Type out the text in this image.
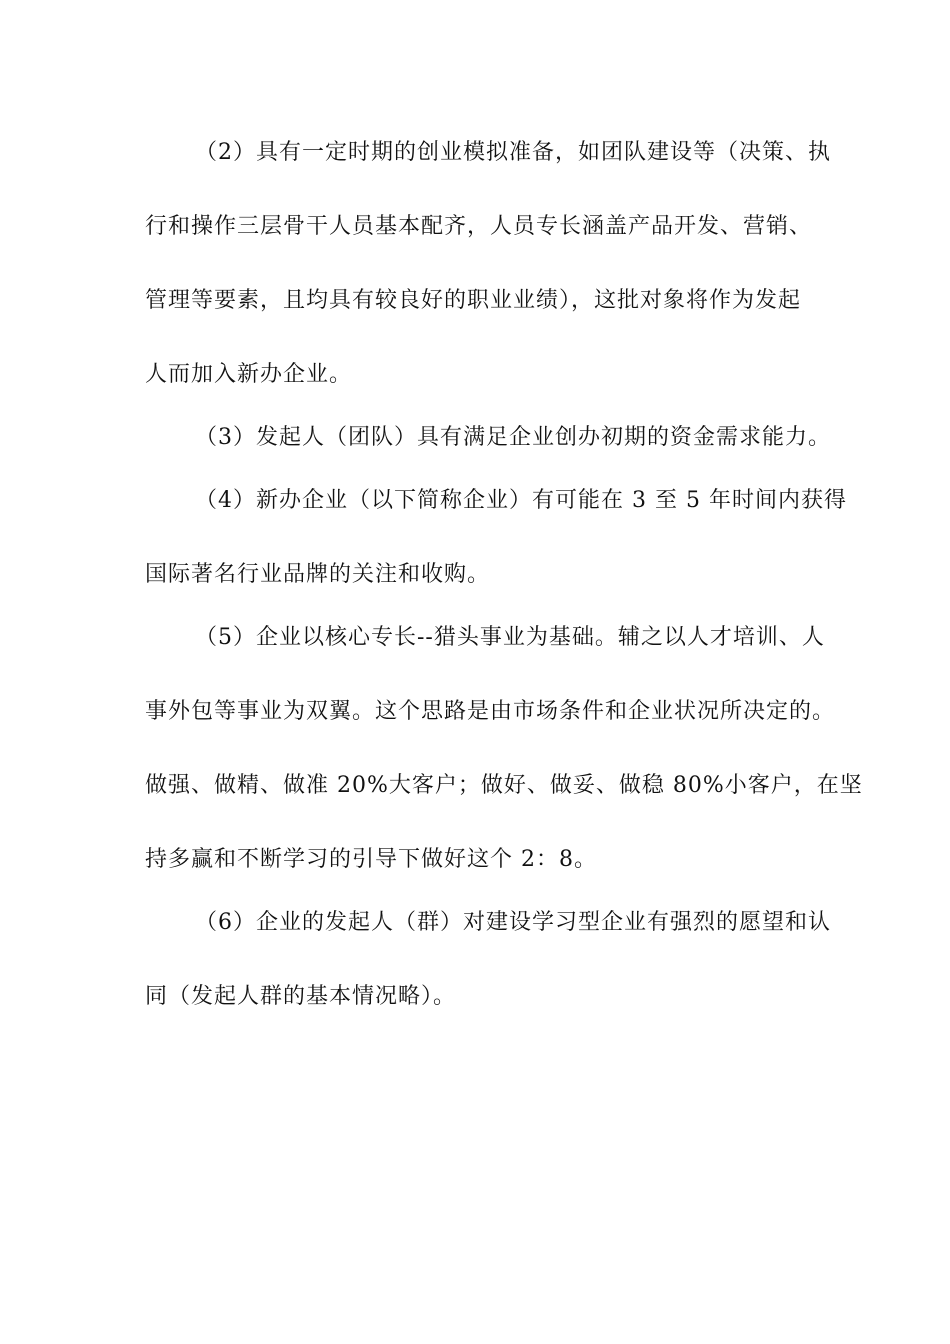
（2）具有一定时期的创业模拟准备，如团队建设等（决策、执
行和操作三层骨干人员基本配齐，人员专长涵盖产品开发、营销、
管理等要素，且均具有较良好的职业业绩），这批对象将作为发起
人而加入新办企业。
（3）发起人（团队）具有满足企业创办初期的资金需求能力。
（4）新办企业（以下简称企业）有可能在 3 至 5 年时间内获得
国际著名行业品牌的关注和收购。
（5）企业以核心专长--猎头事业为基础。辅之以人才培训、人
事外包等事业为双翼。这个思路是由市场条件和企业状况所决定的。
做强、做精、做准 20%大客户；做好、做妥、做稳 80%小客户，在坚
持多赢和不断学习的引导下做好这个 2：8。
（6）企业的发起人（群）对建设学习型企业有强烈的愿望和认
同（发起人群的基本情况略）。
